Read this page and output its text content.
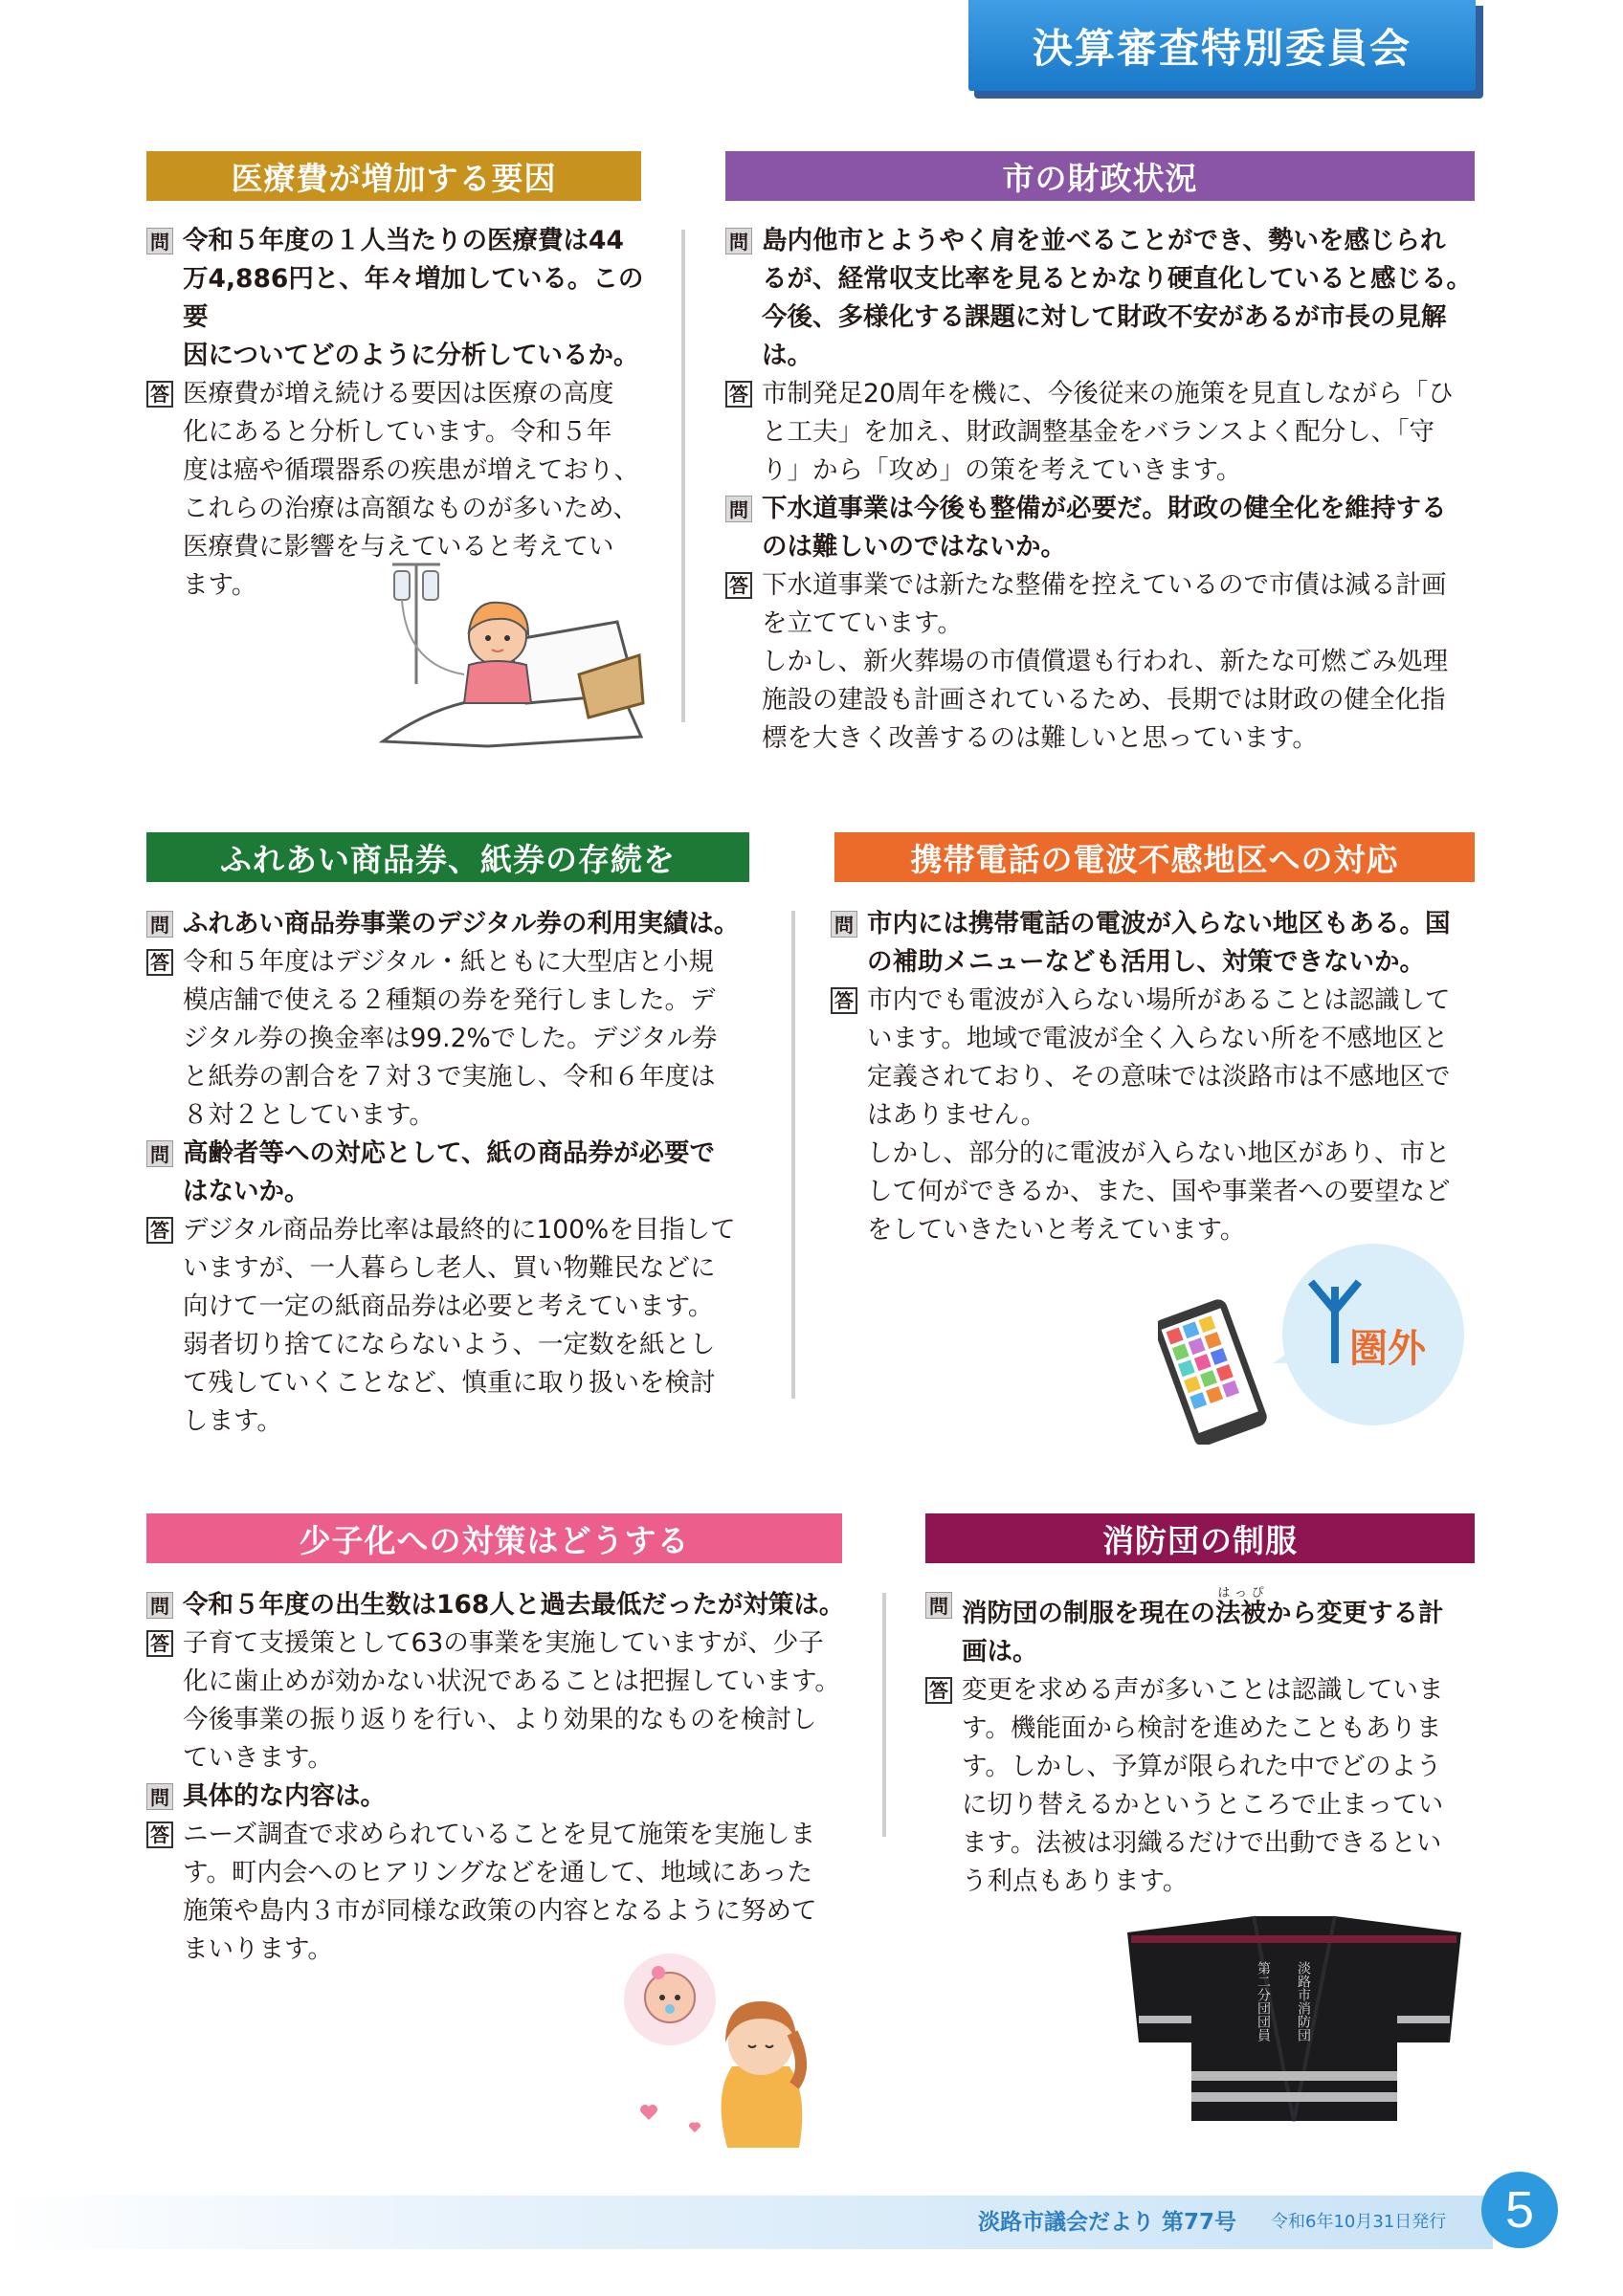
決算審査特別委員会
医療費が増加する要因
問 令和５年度の１人当たりの医療費は44
万4,886円と、年々増加している。この要
因についてどのように分析しているか。
答 医療費が増え続ける要因は医療の高度
化にあると分析しています。令和５年
度は癌や循環器系の疾患が増えており、
これらの治療は高額なものが多いため、
医療費に影響を与えていると考えてい
ます。
市の財政状況
問 島内他市とようやく肩を並べることができ、勢いを感じられ
るが、経常収支比率を見るとかなり硬直化していると感じる。
今後、多様化する課題に対して財政不安があるが市長の見解は。
答 市制発足20周年を機に、今後従来の施策を見直しながら「ひ
と工夫」を加え、財政調整基金をバランスよく配分し、「守
り」から「攻め」の策を考えていきます。
問 下水道事業は今後も整備が必要だ。財政の健全化を維持する
のは難しいのではないか。
答 下水道事業では新たな整備を控えているので市債は減る計画
を立てています。
しかし、新火葬場の市債償還も行われ、新たな可燃ごみ処理
施設の建設も計画されているため、長期では財政の健全化指
標を大きく改善するのは難しいと思っています。
ふれあい商品券、紙券の存続を
問 ふれあい商品券事業のデジタル券の利用実績は。
答 令和５年度はデジタル・紙ともに大型店と小規
模店舗で使える２種類の券を発行しました。デ
ジタル券の換金率は99.2%でした。デジタル券
と紙券の割合を７対３で実施し、令和６年度は
８対２としています。
問 高齢者等への対応として、紙の商品券が必要で
はないか。
答 デジタル商品券比率は最終的に100%を目指して
いますが、一人暮らし老人、買い物難民などに
向けて一定の紙商品券は必要と考えています。
弱者切り捨てにならないよう、一定数を紙とし
て残していくことなど、慎重に取り扱いを検討
します。
携帯電話の電波不感地区への対応
問 市内には携帯電話の電波が入らない地区もある。国
の補助メニューなども活用し、対策できないか。
答 市内でも電波が入らない場所があることは認識して
います。地域で電波が全く入らない所を不感地区と
定義されており、その意味では淡路市は不感地区で
はありません。
しかし、部分的に電波が入らない地区があり、市と
して何ができるか、また、国や事業者への要望など
をしていきたいと考えています。
圏外
少子化への対策はどうする
問 令和５年度の出生数は168人と過去最低だったが対策は。
答 子育て支援策として63の事業を実施していますが、少子
化に歯止めが効かない状況であることは把握しています。
今後事業の振り返りを行い、より効果的なものを検討し
ていきます。
問 具体的な内容は。
答 ニーズ調査で求められていることを見て施策を実施しま
す。町内会へのヒアリングなどを通して、地域にあった
施策や島内３市が同様な政策の内容となるように努めて
まいります。
消防団の制服
問 消防団の制服を現在の法被はっぴから変更する計
画は。
答 変更を求める声が多いことは認識していま
す。機能面から検討を進めたこともありま
す。しかし、予算が限られた中でどのよう
に切り替えるかというところで止まってい
ます。法被は羽織るだけで出動できるとい
う利点もあります。
淡路市消防団
第二分団団員
淡路市議会だより 第77号 令和6年10月31日発行	5
